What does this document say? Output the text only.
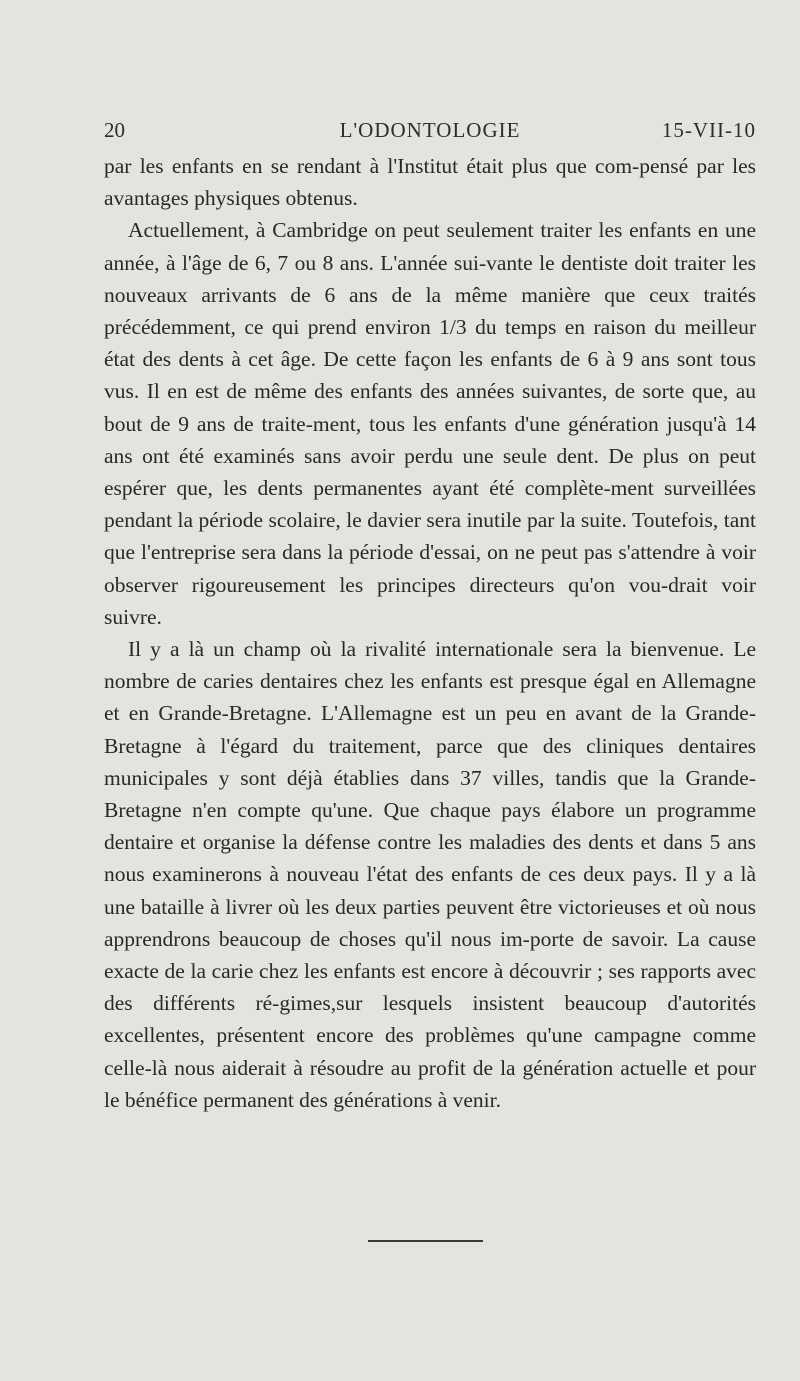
20	L'ODONTOLOGIE	15-VII-10

par les enfants en se rendant à l'Institut était plus que com-pensé par les avantages physiques obtenus.

Actuellement, à Cambridge on peut seulement traiter les enfants en une année, à l'âge de 6, 7 ou 8 ans. L'année sui-vante le dentiste doit traiter les nouveaux arrivants de 6 ans de la même manière que ceux traités précédemment, ce qui prend environ 1/3 du temps en raison du meilleur état des dents à cet âge. De cette façon les enfants de 6 à 9 ans sont tous vus. Il en est de même des enfants des années suivantes, de sorte que, au bout de 9 ans de traite-ment, tous les enfants d'une génération jusqu'à 14 ans ont été examinés sans avoir perdu une seule dent. De plus on peut espérer que, les dents permanentes ayant été complète-ment surveillées pendant la période scolaire, le davier sera inutile par la suite. Toutefois, tant que l'entreprise sera dans la période d'essai, on ne peut pas s'attendre à voir observer rigoureusement les principes directeurs qu'on vou-drait voir suivre.

Il y a là un champ où la rivalité internationale sera la bienvenue. Le nombre de caries dentaires chez les enfants est presque égal en Allemagne et en Grande-Bretagne. L'Allemagne est un peu en avant de la Grande-Bretagne à l'égard du traitement, parce que des cliniques dentaires municipales y sont déjà établies dans 37 villes, tandis que la Grande-Bretagne n'en compte qu'une. Que chaque pays élabore un programme dentaire et organise la défense contre les maladies des dents et dans 5 ans nous examinerons à nouveau l'état des enfants de ces deux pays. Il y a là une bataille à livrer où les deux parties peuvent être victorieuses et où nous apprendrons beaucoup de choses qu'il nous im-porte de savoir. La cause exacte de la carie chez les enfants est encore à découvrir ; ses rapports avec des différents ré-gimes,sur lesquels insistent beaucoup d'autorités excellentes, présentent encore des problèmes qu'une campagne comme celle-là nous aiderait à résoudre au profit de la génération actuelle et pour le bénéfice permanent des générations à venir.
